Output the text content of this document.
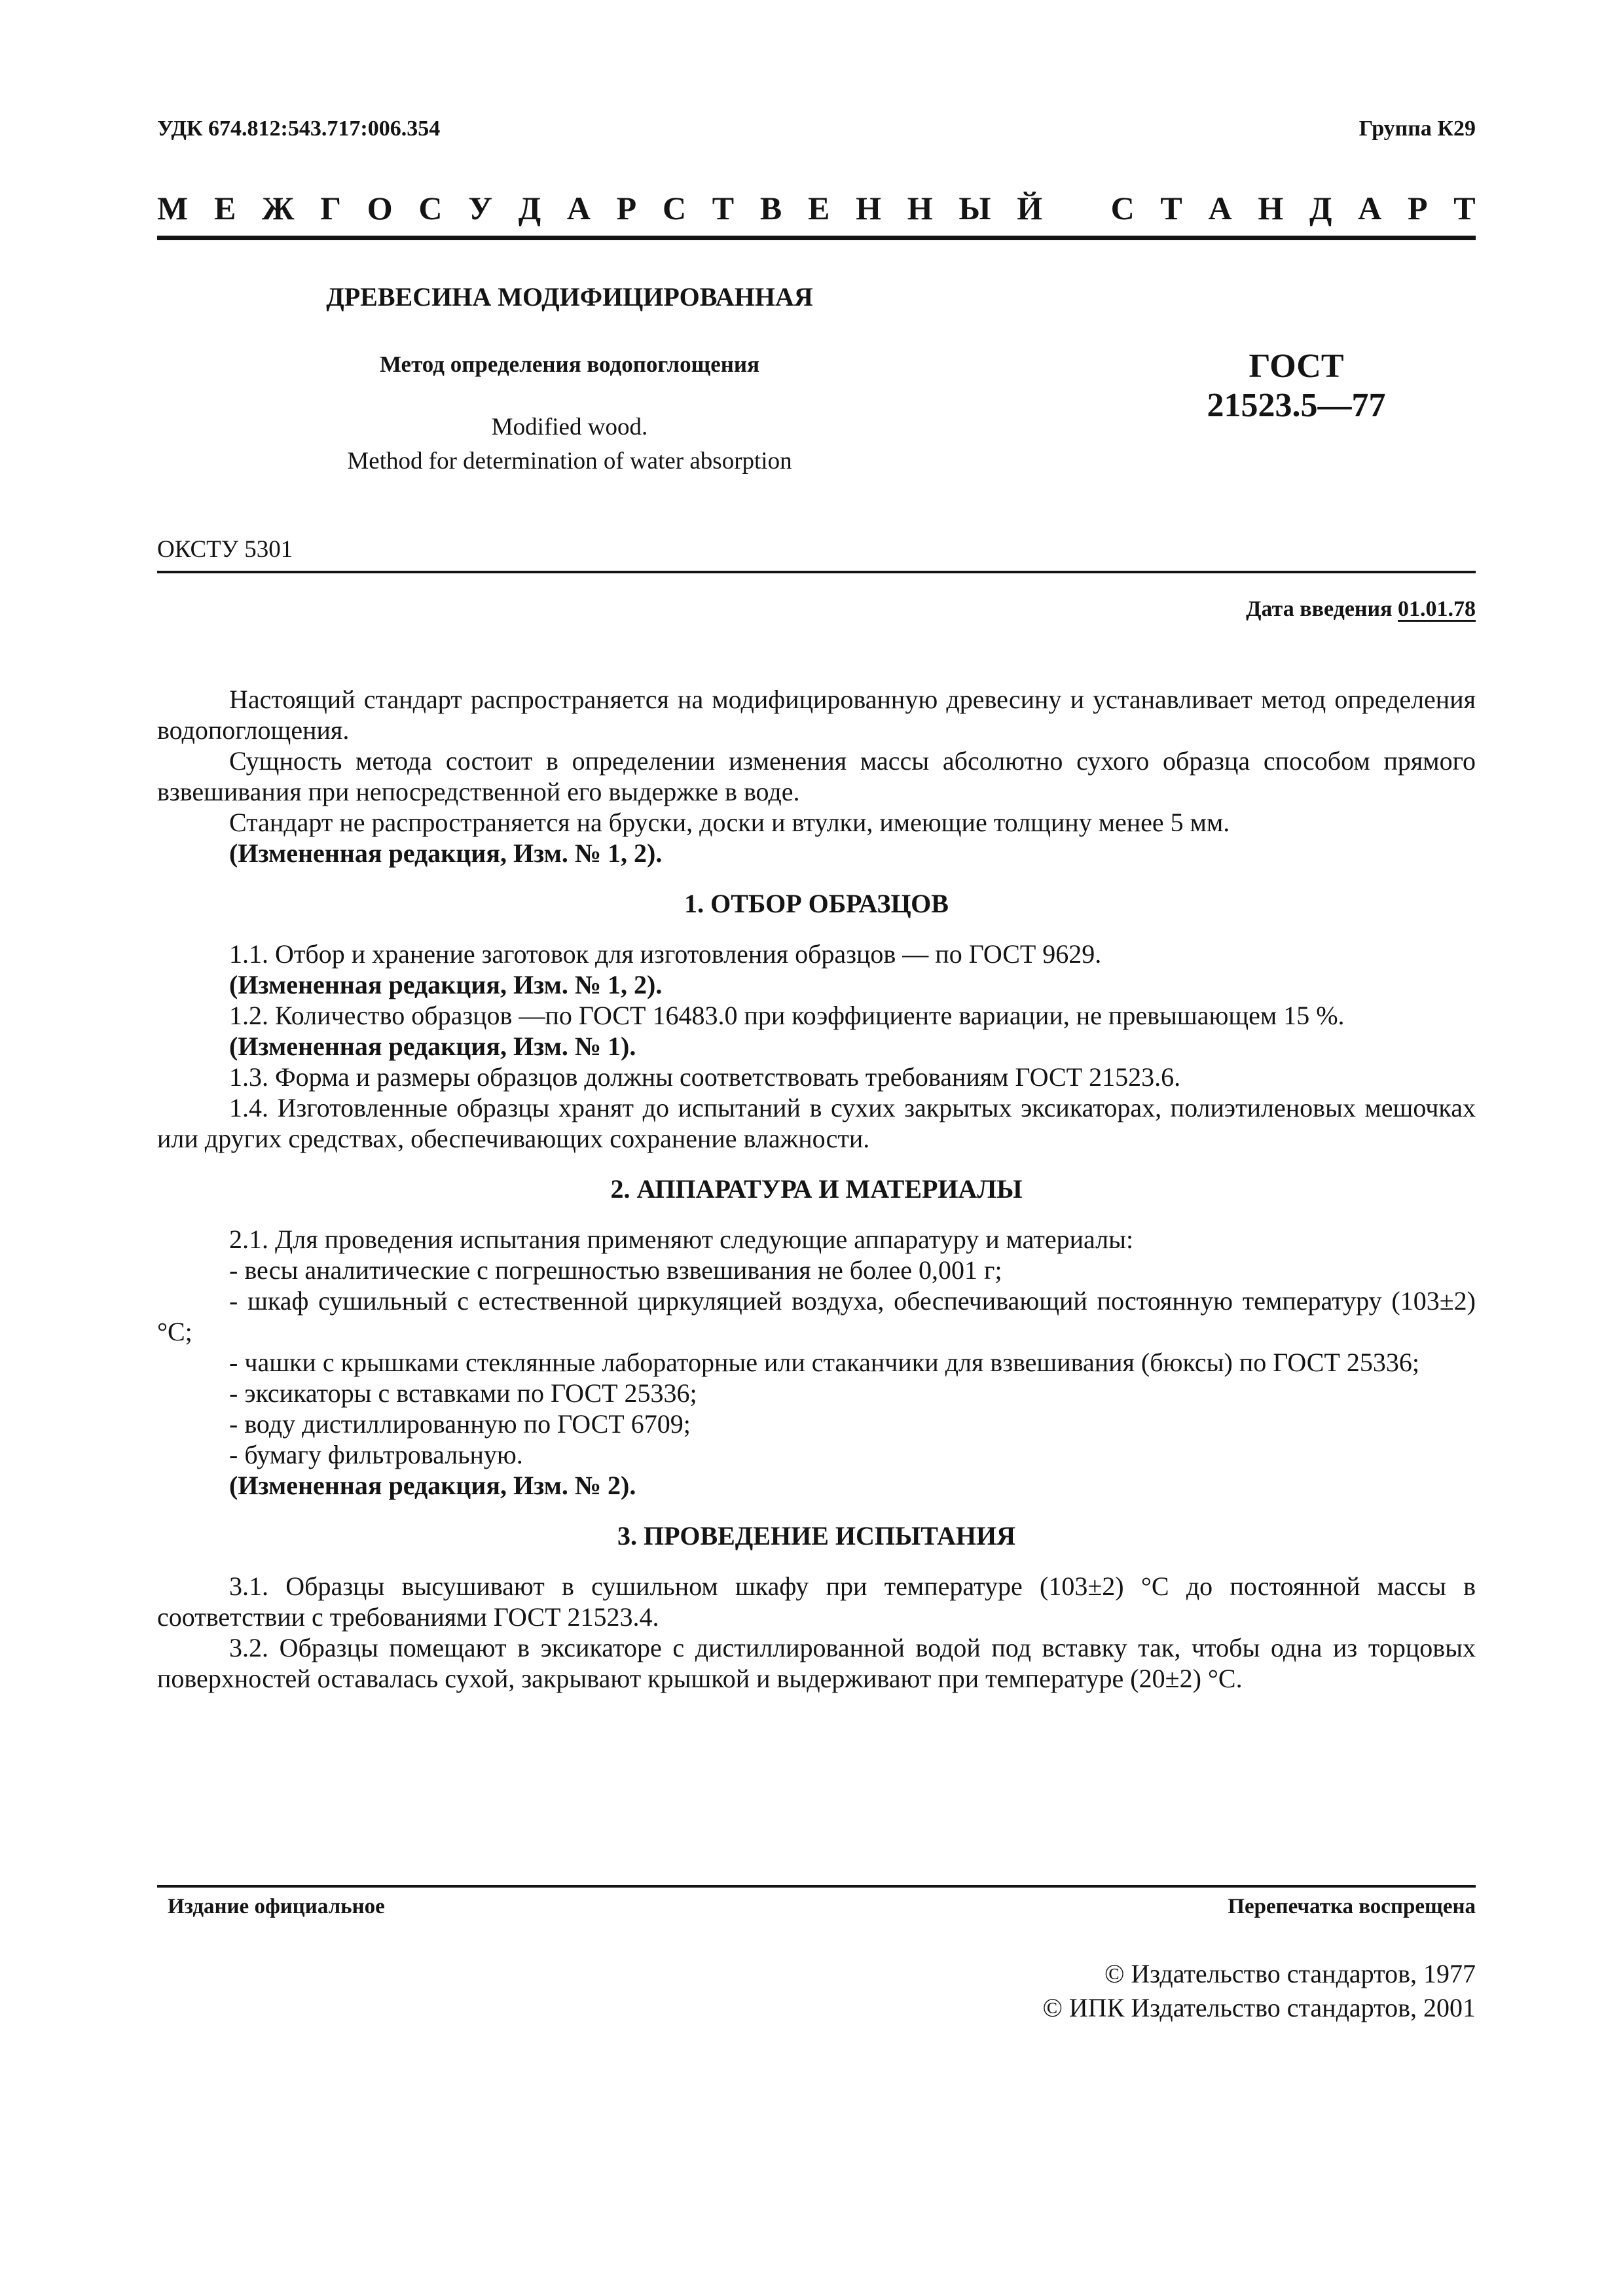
УДК 674.812:543.717:006.354	Группа К29
М Е Ж Г О С У Д А Р С Т В Е Н Н Ы Й
С Т А Н Д А Р Т
ДРЕВЕСИНА МОДИФИЦИРОВАННАЯ
Метод определения водопоглощения
Modified wood.
Method for determination of water absorption
ГОСТ
21523.5—77
ОКСТУ 5301
Дата введения 01.01.78

Настоящий стандарт распространяется на модифицированную древесину и устанавливает метод определения водопоглощения.

Сущность метода состоит в определении изменения массы абсолютно сухого образца способом прямого взвешивания при непосредственной его выдержке в воде.

Стандарт не распространяется на бруски, доски и втулки, имеющие толщину менее 5 мм.

(Измененная редакция, Изм. № 1, 2).

1. ОТБОР ОБРАЗЦОВ

1.1. Отбор и хранение заготовок для изготовления образцов — по ГОСТ 9629.

(Измененная редакция, Изм. № 1, 2).

1.2. Количество образцов —по ГОСТ 16483.0 при коэффициенте вариации, не превышающем 15 %.

(Измененная редакция, Изм. № 1).

1.3. Форма и размеры образцов должны соответствовать требованиям ГОСТ 21523.6.

1.4. Изготовленные образцы хранят до испытаний в сухих закрытых эксикаторах, полиэтиленовых мешочках или других средствах, обеспечивающих сохранение влажности.

2. АППАРАТУРА И МАТЕРИАЛЫ

2.1. Для проведения испытания применяют следующие аппаратуру и материалы:

- весы аналитические с погрешностью взвешивания не более 0,001 г;

- шкаф сушильный с естественной циркуляцией воздуха, обеспечивающий постоянную температуру (103±2) °С;

- чашки с крышками стеклянные лабораторные или стаканчики для взвешивания (бюксы) по ГОСТ 25336;

- эксикаторы с вставками по ГОСТ 25336;

- воду дистиллированную по ГОСТ 6709;

- бумагу фильтровальную.

(Измененная редакция, Изм. № 2).

3. ПРОВЕДЕНИЕ ИСПЫТАНИЯ

3.1. Образцы высушивают в сушильном шкафу при температуре (103±2) °С до постоянной массы в соответствии с требованиями ГОСТ 21523.4.

3.2. Образцы помещают в эксикаторе с дистиллированной водой под вставку так, чтобы одна из торцовых поверхностей оставалась сухой, закрывают крышкой и выдерживают при температуре (20±2) °С.

Издание официальное	Перепечатка воспрещена
© Издательство стандартов, 1977
© ИПК Издательство стандартов, 2001
